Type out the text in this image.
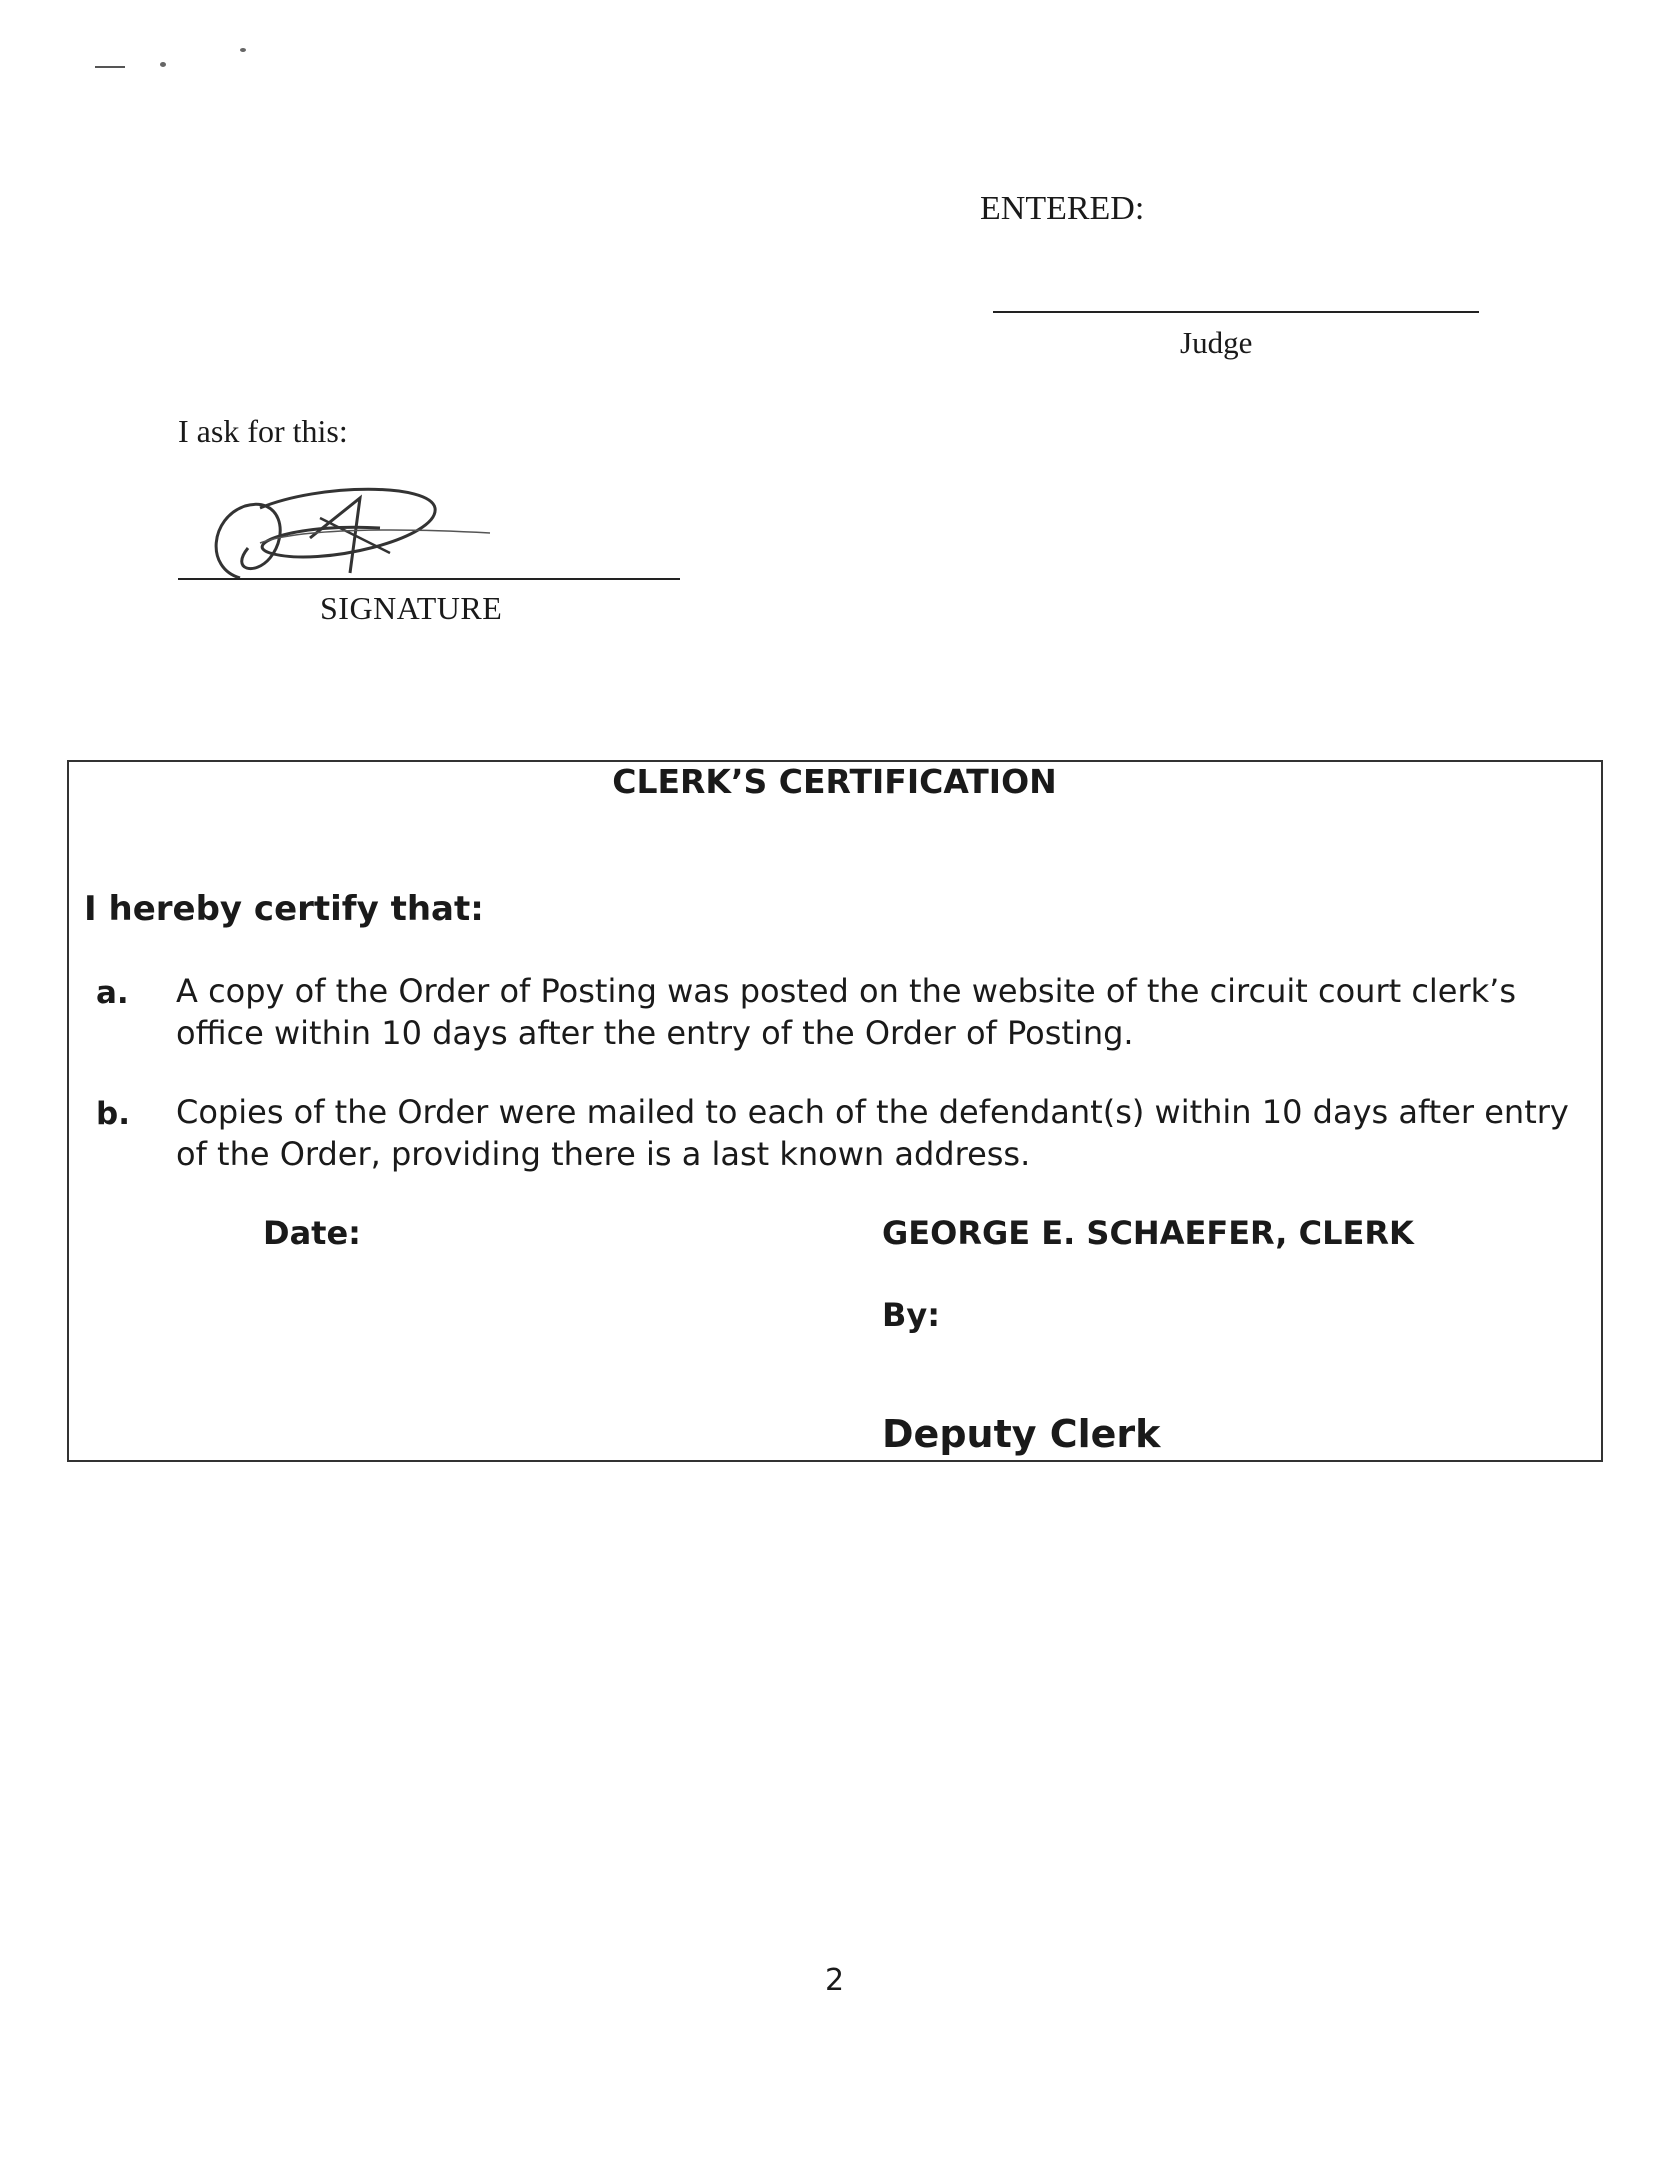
ENTERED:
Judge
I ask for this:
SIGNATURE
CLERK’S CERTIFICATION
I hereby certify that:
a. A copy of the Order of Posting was posted on the website of the circuit court clerk’s office within 10 days after the entry of the Order of Posting.
b. Copies of the Order were mailed to each of the defendant(s) within 10 days after entry of the Order, providing there is a last known address.
Date:	GEORGE E. SCHAEFER, CLERK
By:
Deputy Clerk
2
